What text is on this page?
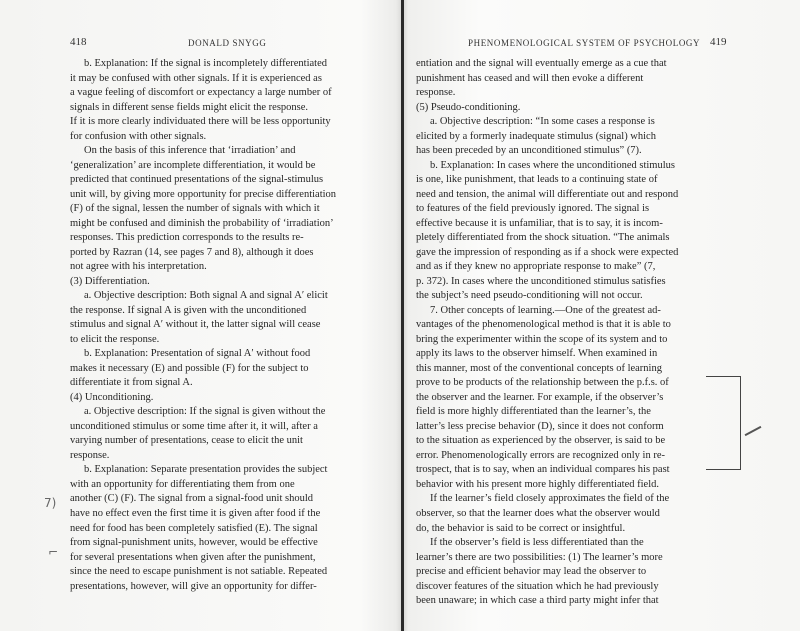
418	DONALD SNYGG
b. Explanation: If the signal is incompletely differentiated
it may be confused with other signals. If it is experienced as
a vague feeling of discomfort or expectancy a large number of
signals in different sense fields might elicit the response.
If it is more clearly individuated there will be less opportunity
for confusion with other signals.
On the basis of this inference that ‘irradiation’ and
‘generalization’ are incomplete differentiation, it would be
predicted that continued presentations of the signal-stimulus
unit will, by giving more opportunity for precise differentiation
(F) of the signal, lessen the number of signals with which it
might be confused and diminish the probability of ‘irradiation’
responses. This prediction corresponds to the results re-
ported by Razran (14, see pages 7 and 8), although it does
not agree with his interpretation.
(3) Differentiation.
a. Objective description: Both signal A and signal A′ elicit
the response. If signal A is given with the unconditioned
stimulus and signal A′ without it, the latter signal will cease
to elicit the response.
b. Explanation: Presentation of signal A′ without food
makes it necessary (E) and possible (F) for the subject to
differentiate it from signal A.
(4) Unconditioning.
a. Objective description: If the signal is given without the
unconditioned stimulus or some time after it, it will, after a
varying number of presentations, cease to elicit the unit
response.
b. Explanation: Separate presentation provides the subject
with an opportunity for differentiating them from one
another (C) (F). The signal from a signal-food unit should
have no effect even the first time it is given after food if the
need for food has been completely satisfied (E). The signal
from signal-punishment units, however, would be effective
for several presentations when given after the punishment,
since the need to escape punishment is not satiable. Repeated
presentations, however, will give an opportunity for differ-
PHENOMENOLOGICAL SYSTEM OF PSYCHOLOGY 419
entiation and the signal will eventually emerge as a cue that
punishment has ceased and will then evoke a different
response.
(5) Pseudo-conditioning.
a. Objective description: “In some cases a response is
elicited by a formerly inadequate stimulus (signal) which
has been preceded by an unconditioned stimulus” (7).
b. Explanation: In cases where the unconditioned stimulus
is one, like punishment, that leads to a continuing state of
need and tension, the animal will differentiate out and respond
to features of the field previously ignored. The signal is
effective because it is unfamiliar, that is to say, it is incom-
pletely differentiated from the shock situation. “The animals
gave the impression of responding as if a shock were expected
and as if they knew no appropriate response to make” (7,
p. 372). In cases where the unconditioned stimulus satisfies
the subject’s need pseudo-conditioning will not occur.
7. Other concepts of learning.—One of the greatest ad-
vantages of the phenomenological method is that it is able to
bring the experimenter within the scope of its system and to
apply its laws to the observer himself. When examined in
this manner, most of the conventional concepts of learning
prove to be products of the relationship between the p.f.s. of
the observer and the learner. For example, if the observer’s
field is more highly differentiated than the learner’s, the
latter’s less precise behavior (D), since it does not conform
to the situation as experienced by the observer, is said to be
error. Phenomenologically errors are recognized only in re-
trospect, that is to say, when an individual compares his past
behavior with his present more highly differentiated field.
If the learner’s field closely approximates the field of the
observer, so that the learner does what the observer would
do, the behavior is said to be correct or insightful.
If the observer’s field is less differentiated than the
learner’s there are two possibilities: (1) The learner’s more
precise and efficient behavior may lead the observer to
discover features of the situation which he had previously
been unaware; in which case a third party might infer that
7)
⌐
